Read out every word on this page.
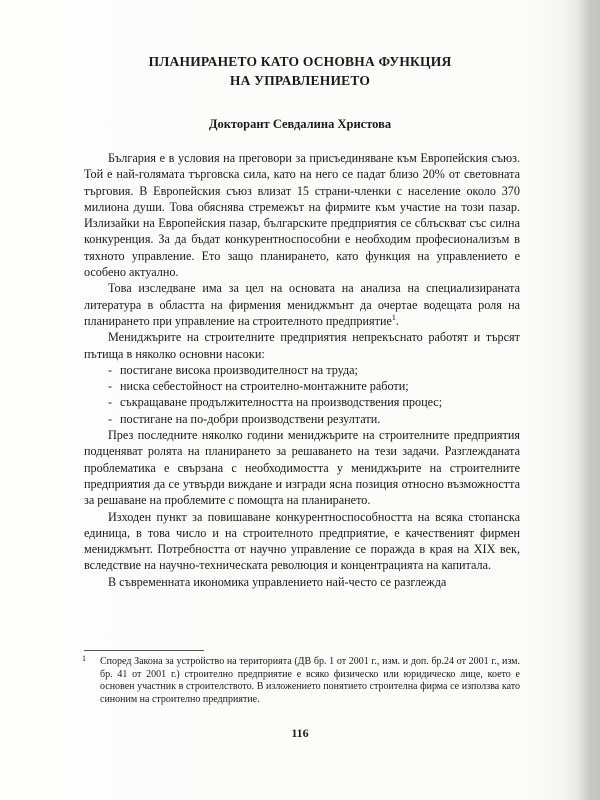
ПЛАНИРАНЕТО КАТО ОСНОВНА ФУНКЦИЯ
НА УПРАВЛЕНИЕТО
Докторант Севдалина Христова

България е в условия на преговори за присъединяване към Европейския съюз. Той е най-голямата търговска сила, като на него се падат близо 20% от световната търговия. В Европейския съюз влизат 15 страни-членки с население около 370 милиона души. Това обяснява стремежът на фирмите към участие на този пазар. Излизайки на Европейския пазар, българските предприятия се сблъскват със силна конкуренция. За да бъдат конкурентноспособни е необходим професионализъм в тяхното управление. Ето защо планирането, като функция на управлението е особено актуално.

Това изследване има за цел на основата на анализа на специализираната литература в областта на фирмения мениджмънт да очертае водещата роля на планирането при управление на строителното предприятие$^1$.

Мениджърите на строителните предприятия непрекъснато работят и търсят пътища в няколко основни насоки:

- постигане висока производителност на труда;
- ниска себестойност на строително-монтажните работи;
- съкращаване продължителността на производствения процес;
- постигане на по-добри производствени резултати.

През последните няколко години мениджърите на строителните предприятия подценяват ролята на планирането за решаването на тези задачи. Разглежданата проблематика е свързана с необходимостта у мениджърите на строителните предприятия да се утвърди виждане и изгради ясна позиция относно възможността за решаване на проблемите с помощта на планирането.

Изходен пункт за повишаване конкурентноспособността на всяка стопанска единица, в това число и на строителното предприятие, е качественият фирмен мениджмънт. Потребността от научно управление се поражда в края на XIX век, вследствие на научно-техническата революция и концентрацията на капитала.

В съвременната икономика управлението най-често се разглежда

1	Според Закона за устройство на територията (ДВ бр. 1 от 2001 г., изм. и доп. бр.24 от 2001 г., изм. бр. 41 от 2001 г.) строително предприятие е всяко физическо или юридическо лице, което е основен участник в строителството. В изложението понятието строителна фирма се използва като синоним на строително предприятие.
116
